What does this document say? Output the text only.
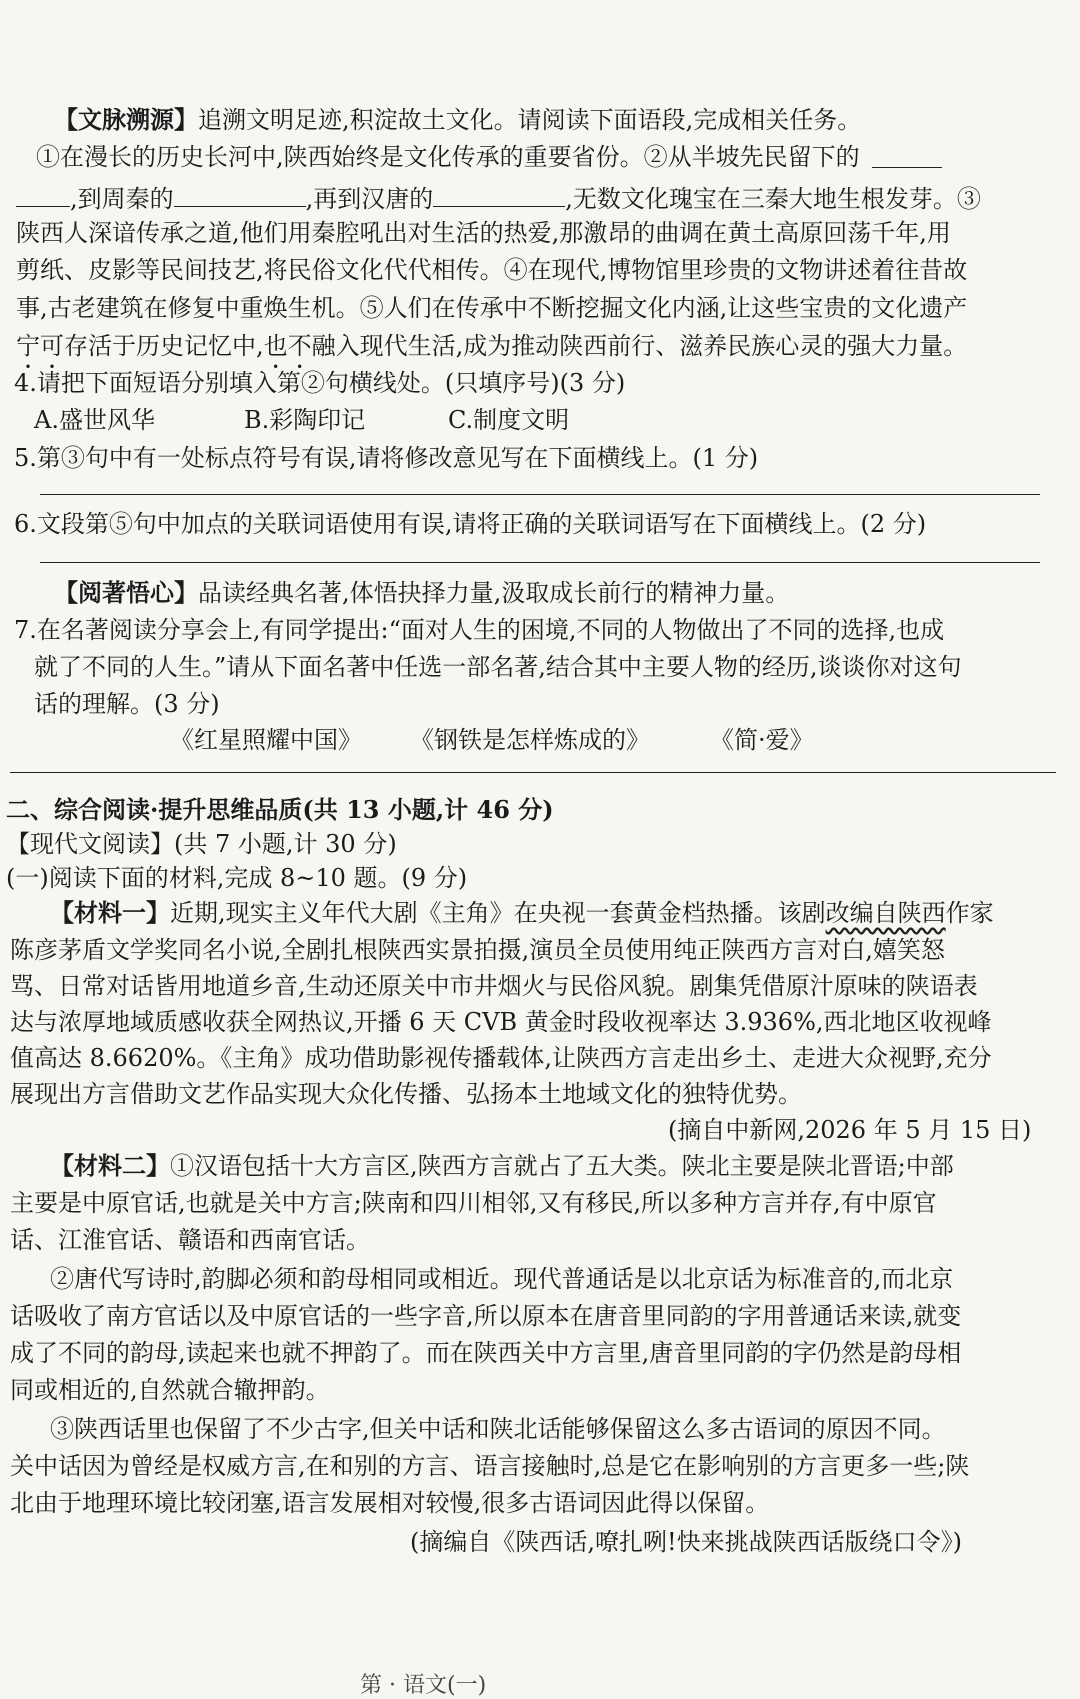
【文脉溯源】追溯文明足迹,积淀故土文化。请阅读下面语段,完成相关任务。
①在漫长的历史长河中,陕西始终是文化传承的重要省份。②从半坡先民留下的
,到周秦的	,再到汉唐的	,无数文化瑰宝在三秦大地生根发芽。③
陕西人深谙传承之道,他们用秦腔吼出对生活的热爱,那激昂的曲调在黄土高原回荡千年,用
剪纸、皮影等民间技艺,将民俗文化代代相传。④在现代,博物馆里珍贵的文物讲述着往昔故
事,古老建筑在修复中重焕生机。⑤人们在传承中不断挖掘文化内涵,让这些宝贵的文化遗产
宁可存活于历史记忆中,也不融入现代生活,成为推动陕西前行、滋养民族心灵的强大力量。
4.请把下面短语分别填入第②句横线处。(只填序号)(3 分)
A.盛世风华	B.彩陶印记	C.制度文明
5.第③句中有一处标点符号有误,请将修改意见写在下面横线上。(1 分)
6.文段第⑤句中加点的关联词语使用有误,请将正确的关联词语写在下面横线上。(2 分)
【阅著悟心】品读经典名著,体悟抉择力量,汲取成长前行的精神力量。
7.在名著阅读分享会上,有同学提出:“面对人生的困境,不同的人物做出了不同的选择,也成
就了不同的人生。”请从下面名著中任选一部名著,结合其中主要人物的经历,谈谈你对这句
话的理解。(3 分)
《红星照耀中国》 《钢铁是怎样炼成的》	《简·爱》
二、综合阅读·提升思维品质(共 13 小题,计 46 分)
【现代文阅读】(共 7 小题,计 30 分)
(一)阅读下面的材料,完成 8~10 题。(9 分)
【材料一】近期,现实主义年代大剧《主角》在央视一套黄金档热播。该剧改编自陕西作家
陈彦茅盾文学奖同名小说,全剧扎根陕西实景拍摄,演员全员使用纯正陕西方言对白,嬉笑怒
骂、日常对话皆用地道乡音,生动还原关中市井烟火与民俗风貌。剧集凭借原汁原味的陕语表
达与浓厚地域质感收获全网热议,开播 6 天 CVB 黄金时段收视率达 3.936%,西北地区收视峰
值高达 8.6620%。《主角》成功借助影视传播载体,让陕西方言走出乡土、走进大众视野,充分
展现出方言借助文艺作品实现大众化传播、弘扬本土地域文化的独特优势。
(摘自中新网,2026 年 5 月 15 日)
【材料二】①汉语包括十大方言区,陕西方言就占了五大类。陕北主要是陕北晋语;中部
主要是中原官话,也就是关中方言;陕南和四川相邻,又有移民,所以多种方言并存,有中原官
话、江淮官话、赣语和西南官话。
②唐代写诗时,韵脚必须和韵母相同或相近。现代普通话是以北京话为标准音的,而北京
话吸收了南方官话以及中原官话的一些字音,所以原本在唐音里同韵的字用普通话来读,就变
成了不同的韵母,读起来也就不押韵了。而在陕西关中方言里,唐音里同韵的字仍然是韵母相
同或相近的,自然就合辙押韵。
③陕西话里也保留了不少古字,但关中话和陕北话能够保留这么多古语词的原因不同。
关中话因为曾经是权威方言,在和别的方言、语言接触时,总是它在影响别的方言更多一些;陕
北由于地理环境比较闭塞,语言发展相对较慢,很多古语词因此得以保留。
(摘编自《陕西话,嘹扎咧!快来挑战陕西话版绕口令》)
第 · 语文(一)
